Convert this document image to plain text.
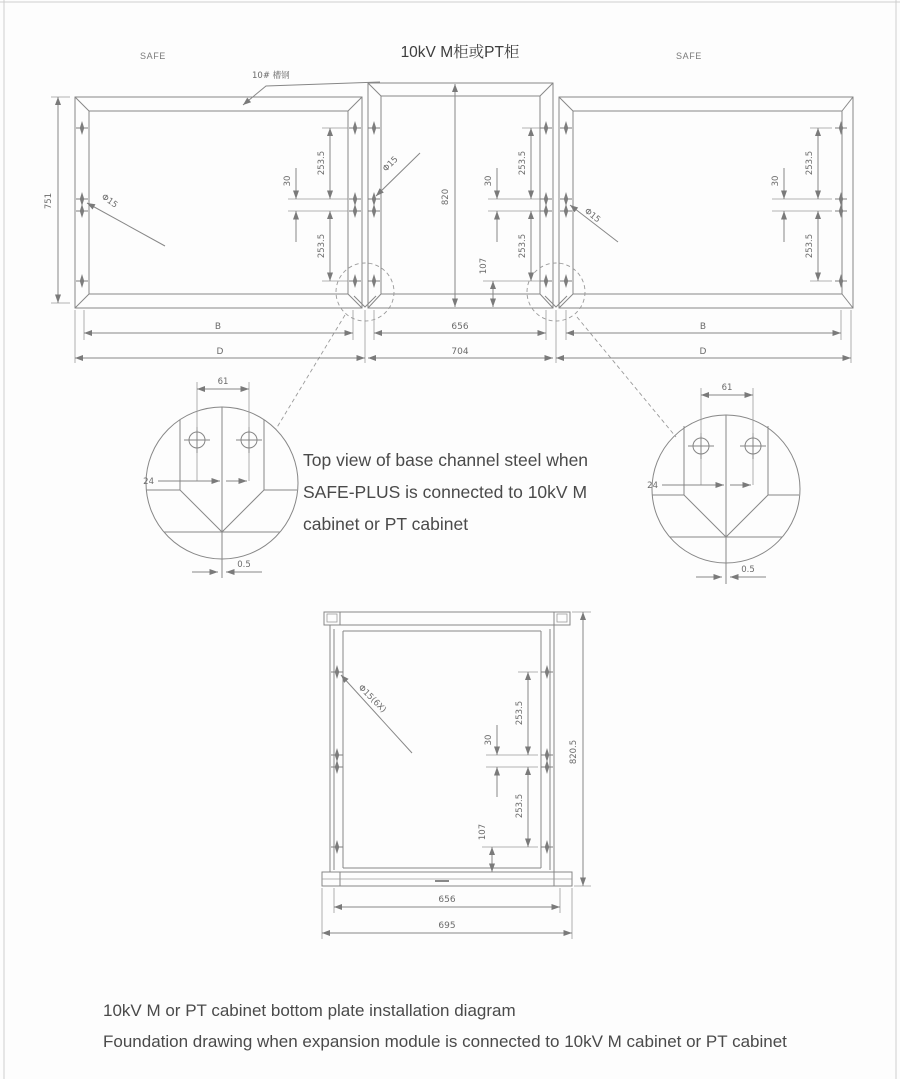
10# 槽钢
751	820
253.5
30
253.5
253.5
30
253.5
107
253.5
30
253.5
Φ15
Φ15
Φ15
B	656	B
D	704	D
61
24
0.5
61
24
0.5
Φ15(6X)	253.5
30
253.5
107
820.5
656
695
SAFE	10kV M柜或PT柜	SAFE
Top view of base channel steel when
SAFE-PLUS is connected to 10kV M
cabinet or PT cabinet
10kV M or PT cabinet bottom plate installation diagram
Foundation drawing when expansion module is connected to 10kV M cabinet or PT cabinet
